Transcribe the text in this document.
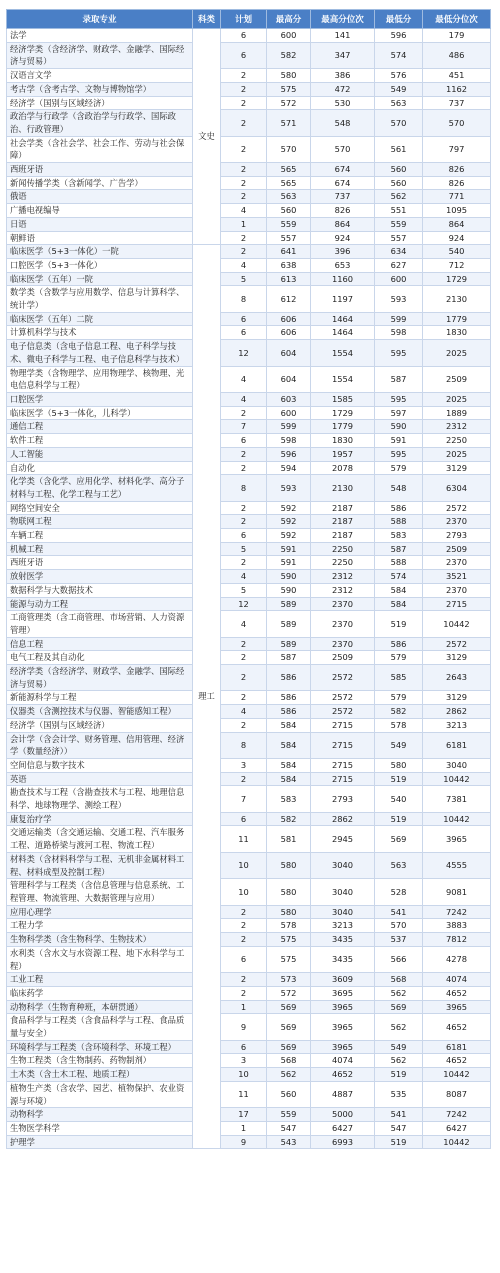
录取专业	科类	计划	最高分	最高分位次	最低分	最低分位次
法学	文史	6	600	141	596	179
经济学类（含经济学、财政学、金融学、国际经济与贸易）		6	582	347	574	486
汉语言文学		2	580	386	576	451
考古学（含考古学、文物与博物馆学）		2	575	472	549	1162
经济学（国别与区域经济）		2	572	530	563	737
政治学与行政学（含政治学与行政学、国际政治、行政管理）		2	571	548	570	570
社会学类（含社会学、社会工作、劳动与社会保障）		2	570	570	561	797
西班牙语		2	565	674	560	826
新闻传播学类（含新闻学、广告学）		2	565	674	560	826
俄语		2	563	737	562	771
广播电视编导		4	560	826	551	1095
日语		1	559	864	559	864
朝鲜语		2	557	924	557	924
临床医学（5+3一体化）一院	理工	2	641	396	634	540
口腔医学（5+3一体化）		4	638	653	627	712
临床医学（五年）一院		5	613	1160	600	1729
数学类（含数学与应用数学、信息与计算科学、统计学）		8	612	1197	593	2130
临床医学（五年）二院		6	606	1464	599	1779
计算机科学与技术		6	606	1464	598	1830
电子信息类（含电子信息工程、电子科学与技术、微电子科学与工程、电子信息科学与技术）		12	604	1554	595	2025
物理学类（含物理学、应用物理学、核物理、光电信息科学与工程）		4	604	1554	587	2509
口腔医学		4	603	1585	595	2025
临床医学（5+3一体化，儿科学）		2	600	1729	597	1889
通信工程		7	599	1779	590	2312
软件工程		6	598	1830	591	2250
人工智能		2	596	1957	595	2025
自动化		2	594	2078	579	3129
化学类（含化学、应用化学、材料化学、高分子材料与工程、化学工程与工艺）		8	593	2130	548	6304
网络空间安全		2	592	2187	586	2572
物联网工程		2	592	2187	588	2370
车辆工程		6	592	2187	583	2793
机械工程		5	591	2250	587	2509
西班牙语		2	591	2250	588	2370
放射医学		4	590	2312	574	3521
数据科学与大数据技术		5	590	2312	584	2370
能源与动力工程		12	589	2370	584	2715
工商管理类（含工商管理、市场营销、人力资源管理）		4	589	2370	519	10442
信息工程		2	589	2370	586	2572
电气工程及其自动化		2	587	2509	579	3129
经济学类（含经济学、财政学、金融学、国际经济与贸易）		2	586	2572	585	2643
新能源科学与工程		2	586	2572	579	3129
仪器类（含测控技术与仪器、智能感知工程）		4	586	2572	582	2862
经济学（国别与区域经济）		2	584	2715	578	3213
会计学（含会计学、财务管理、信用管理、经济学（数量经济））		8	584	2715	549	6181
空间信息与数字技术		3	584	2715	580	3040
英语		2	584	2715	519	10442
勘查技术与工程（含勘查技术与工程、地理信息科学、地球物理学、测绘工程）		7	583	2793	540	7381
康复治疗学		6	582	2862	519	10442
交通运输类（含交通运输、交通工程、汽车服务工程、道路桥梁与渡河工程、物流工程）		11	581	2945	569	3965
材料类（含材料科学与工程、无机非金属材料工程、材料成型及控制工程）		10	580	3040	563	4555
管理科学与工程类（含信息管理与信息系统、工程管理、物流管理、大数据管理与应用）		10	580	3040	528	9081
应用心理学		2	580	3040	541	7242
工程力学		2	578	3213	570	3883
生物科学类（含生物科学、生物技术）		2	575	3435	537	7812
水利类（含水文与水资源工程、地下水科学与工程）		6	575	3435	566	4278
工业工程		2	573	3609	568	4074
临床药学		2	572	3695	562	4652
动物科学（生物育种班，本研贯通）		1	569	3965	569	3965
食品科学与工程类（含食品科学与工程、食品质量与安全）		9	569	3965	562	4652
环境科学与工程类（含环境科学、环境工程）		6	569	3965	549	6181
生物工程类（含生物制药、药物制剂）		3	568	4074	562	4652
土木类（含土木工程、地质工程）		10	562	4652	519	10442
植物生产类（含农学、园艺、植物保护、农业资源与环境）		11	560	4887	535	8087
动物科学		17	559	5000	541	7242
生物医学科学		1	547	6427	547	6427
护理学		9	543	6993	519	10442
